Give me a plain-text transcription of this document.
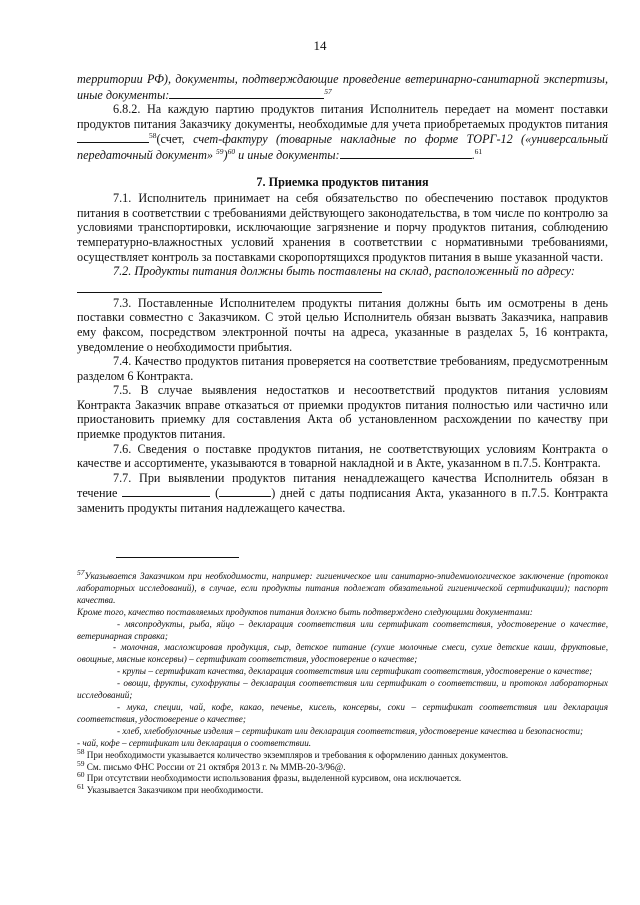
14

территории РФ), документы, подтверждающие проведение ветеринарно-санитарной экспертизы, иные документы:	$^{57}$

6.8.2. На каждую партию продуктов питания Исполнитель передает на момент поставки продуктов питания Заказчику документы, необходимые для учета приобретаемых продуктов питания $^{58}$(счет, счет-фактуру (товарные накладные по форме ТОРГ-12 («универсальный передаточный документ» $^{59}$)$^{60}$ и иные документы:	.$^{61}$

7. Приемка продуктов питания

7.1. Исполнитель принимает на себя обязательство по обеспечению поставок продуктов питания в соответствии с требованиями действующего законодательства, в том числе по контролю за условиями транспортировки, исключающие загрязнение и порчу продуктов питания, соблюдению температурно-влажностных условий хранения в соответствии с нормативными требованиями, осуществляет контроль за поставками скоропортящихся продуктов питания в выше указанной части.

7.2. Продукты питания должны быть поставлены на склад, расположенный по адресу:

7.3. Поставленные Исполнителем продукты питания должны быть им осмотрены в день поставки совместно с Заказчиком. С этой целью Исполнитель обязан вызвать Заказчика, направив ему факсом, посредством электронной почты на адреса, указанные в разделах 5, 16 контракта, уведомление о необходимости прибытия.

7.4. Качество продуктов питания проверяется на соответствие требованиям, предусмотренным разделом 6 Контракта.

7.5. В случае выявления недостатков и несоответствий продуктов питания условиям Контракта Заказчик вправе отказаться от приемки продуктов питания полностью или частично или приостановить приемку для составления Акта об установленном расхождении по качеству при приемке продуктов питания.

7.6. Сведения о поставке продуктов питания, не соответствующих условиям Контракта о качестве и ассортименте, указываются в товарной накладной и в Акте, указанном в п.7.5. Контракта.

7.7. При выявлении продуктов питания ненадлежащего качества Исполнитель обязан в течение	(	) дней с даты подписания Акта, указанного в п.7.5. Контракта заменить продукты питания надлежащего качества.

$^{57}$Указывается Заказчиком при необходимости, например: гигиеническое или санитарно-эпидемиологическое заключение (протокол лабораторных исследований), в случае, если продукты питания подлежат обязательной гигиенической сертификации); паспорт качества.

Кроме того, качество поставляемых продуктов питания должно быть подтверждено следующими документами:

- мясопродукты, рыба, яйцо – декларация соответствия или сертификат соответствия, удостоверение о качестве, ветеринарная справка;

- молочная, масложировая продукция, сыр, детское питание (сухие молочные смеси, сухие детские каши, фруктовые, овощные, мясные консервы) – сертификат соответствия, удостоверение о качестве;

- крупы – сертификат качества, декларация соответствия или сертификат соответствия, удостоверение о качестве;

- овощи, фрукты, сухофрукты – декларация соответствия или сертификат о соответствии, и протокол лабораторных исследований;

- мука, специи, чай, кофе, какао, печенье, кисель, консервы, соки – сертификат соответствия или декларация соответствия, удостоверение о качестве;

- хлеб, хлебобулочные изделия – сертификат или декларация соответствия, удостоверение качества и безопасности;

- чай, кофе – сертификат или декларация о соответствии.

$^{58}$ При необходимости указывается количество экземпляров и требования к оформлению данных документов.

$^{59}$ См. письмо ФНС России от 21 октября 2013 г. № ММВ-20-3/96@.

$^{60}$ При отсутствии необходимости использования фразы, выделенной курсивом, она исключается.

$^{61}$ Указывается Заказчиком при необходимости.
